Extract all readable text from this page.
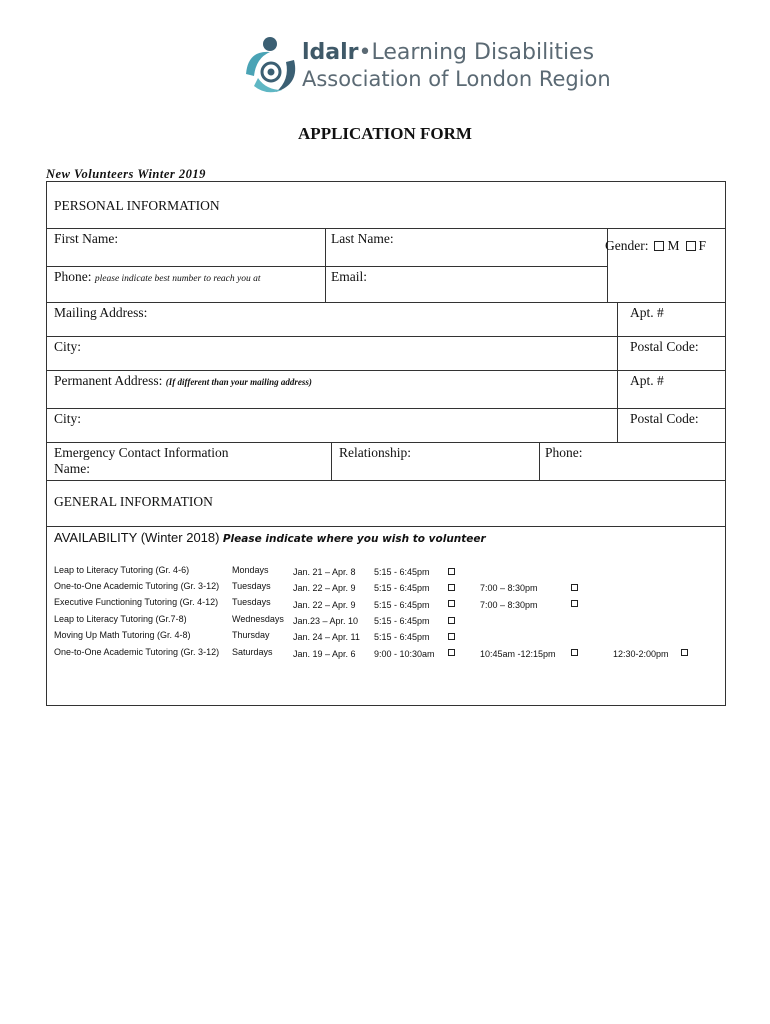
ldalr•Learning Disabilities
Association of London Region
APPLICATION FORM
New Volunteers Winter 2019
PERSONAL INFORMATION
First Name:	Last Name:	Gender: M F
Phone: please indicate best number to reach you at	Email:
Mailing Address:	Apt. #
City:	Postal Code:
Permanent Address: (If different than your mailing address)	Apt. #
City:	Postal Code:
Emergency Contact Information
Name:
Relationship:	Phone:
GENERAL INFORMATION
AVAILABILITY (Winter 2018) Please indicate where you wish to volunteer
Leap to Literacy Tutoring (Gr. 4-6)	Mondays	Jan. 21 – Apr. 8 5:15 - 6:45pm
One-to-One Academic Tutoring (Gr. 3-12) Tuesdays Jan. 22 – Apr. 9 5:15 - 6:45pm	7:00 – 8:30pm
Executive Functioning Tutoring (Gr. 4-12) Tuesdays Jan. 22 – Apr. 9 5:15 - 6:45pm	7:00 – 8:30pm
Leap to Literacy Tutoring (Gr.7-8)	Wednesdays Jan.23 – Apr. 10 5:15 - 6:45pm
Moving Up Math Tutoring (Gr. 4-8)	Thursday	Jan. 24 – Apr. 11 5:15 - 6:45pm
One-to-One Academic Tutoring (Gr. 3-12) Saturdays Jan. 19 – Apr. 6 9:00 - 10:30am	10:45am -12:15pm	12:30-2:00pm
